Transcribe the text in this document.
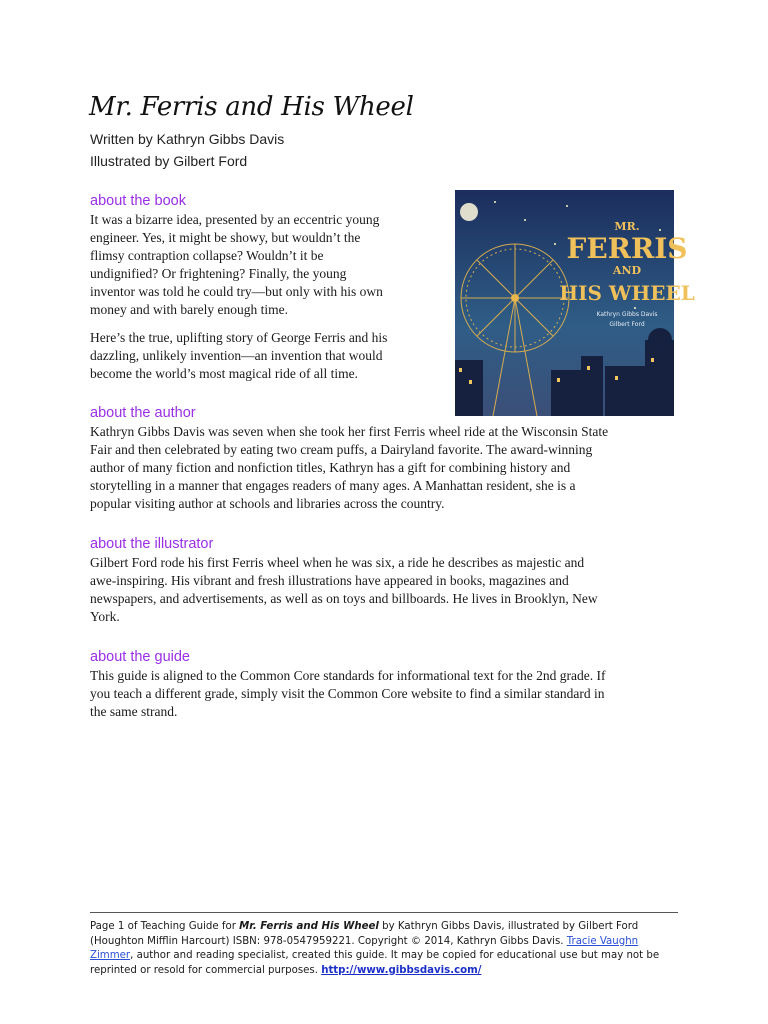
Mr. Ferris and His Wheel
Written by Kathryn Gibbs Davis
Illustrated by Gilbert Ford
about the book
It was a bizarre idea, presented by an eccentric young
engineer. Yes, it might be showy, but wouldn’t the
flimsy contraption collapse? Wouldn’t it be
undignified? Or frightening? Finally, the young
inventor was told he could try—but only with his own
money and with barely enough time.
Here’s the true, uplifting story of George Ferris and his
dazzling, unlikely invention—an invention that would
become the world’s most magical ride of all time.
MR.
FERRIS
AND
HIS WHEEL
Kathryn Gibbs Davis
Gilbert Ford
about the author
Kathryn Gibbs Davis was seven when she took her first Ferris wheel ride at the Wisconsin State
Fair and then celebrated by eating two cream puffs, a Dairyland favorite. The award-winning
author of many fiction and nonfiction titles, Kathryn has a gift for combining history and
storytelling in a manner that engages readers of many ages. A Manhattan resident, she is a
popular visiting author at schools and libraries across the country.
about the illustrator
Gilbert Ford rode his first Ferris wheel when he was six, a ride he describes as majestic and
awe-inspiring. His vibrant and fresh illustrations have appeared in books, magazines and
newspapers, and advertisements, as well as on toys and billboards. He lives in Brooklyn, New
York.
about the guide
This guide is aligned to the Common Core standards for informational text for the 2nd grade. If
you teach a different grade, simply visit the Common Core website to find a similar standard in
the same strand.
Page 1 of Teaching Guide for Mr. Ferris and His Wheel by Kathryn Gibbs Davis, illustrated by Gilbert Ford
(Houghton Mifflin Harcourt) ISBN: 978-0547959221. Copyright © 2014, Kathryn Gibbs Davis. Tracie Vaughn
Zimmer, author and reading specialist, created this guide. It may be copied for educational use but may not be
reprinted or resold for commercial purposes. http://www.gibbsdavis.com/
